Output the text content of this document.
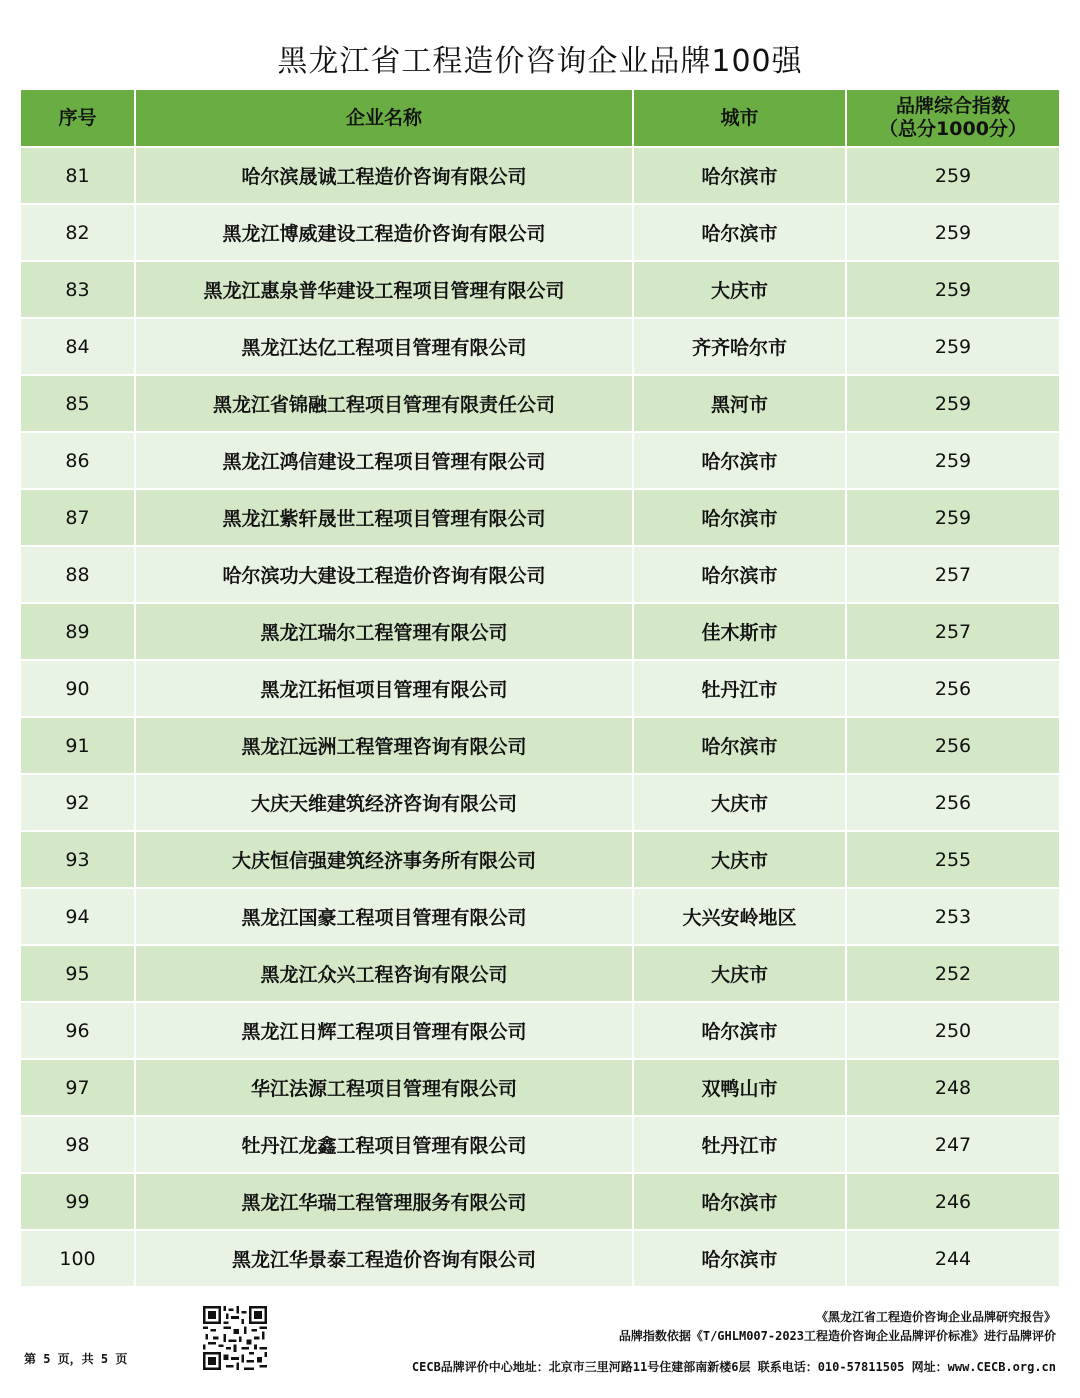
黑龙江省工程造价咨询企业品牌100强
序号	企业名称	城市	品牌综合指数
（总分1000分）

81	哈尔滨晟诚工程造价咨询有限公司	哈尔滨市	259
82	黑龙江博威建设工程造价咨询有限公司	哈尔滨市	259
83	黑龙江惠泉普华建设工程项目管理有限公司	大庆市	259
84	黑龙江达亿工程项目管理有限公司	齐齐哈尔市	259
85	黑龙江省锦融工程项目管理有限责任公司	黑河市	259
86	黑龙江鸿信建设工程项目管理有限公司	哈尔滨市	259
87	黑龙江紫轩晟世工程项目管理有限公司	哈尔滨市	259
88	哈尔滨功大建设工程造价咨询有限公司	哈尔滨市	257
89	黑龙江瑞尔工程管理有限公司	佳木斯市	257
90	黑龙江拓恒项目管理有限公司	牡丹江市	256
91	黑龙江远洲工程管理咨询有限公司	哈尔滨市	256
92	大庆天维建筑经济咨询有限公司	大庆市	256
93	大庆恒信强建筑经济事务所有限公司	大庆市	255
94	黑龙江国豪工程项目管理有限公司	大兴安岭地区	253
95	黑龙江众兴工程咨询有限公司	大庆市	252
96	黑龙江日辉工程项目管理有限公司	哈尔滨市	250
97	华江法源工程项目管理有限公司	双鸭山市	248
98	牡丹江龙鑫工程项目管理有限公司	牡丹江市	247
99	黑龙江华瑞工程管理服务有限公司	哈尔滨市	246
100	黑龙江华景泰工程造价咨询有限公司	哈尔滨市	244
第 5 页，共 5 页
《黑龙江省工程造价咨询企业品牌研究报告》
品牌指数依据《T/GHLM007-2023工程造价咨询企业品牌评价标准》进行品牌评价
CECB品牌评价中心地址：北京市三里河路11号住建部南新楼6层 联系电话：010-57811505 网址：www.CECB.org.cn
